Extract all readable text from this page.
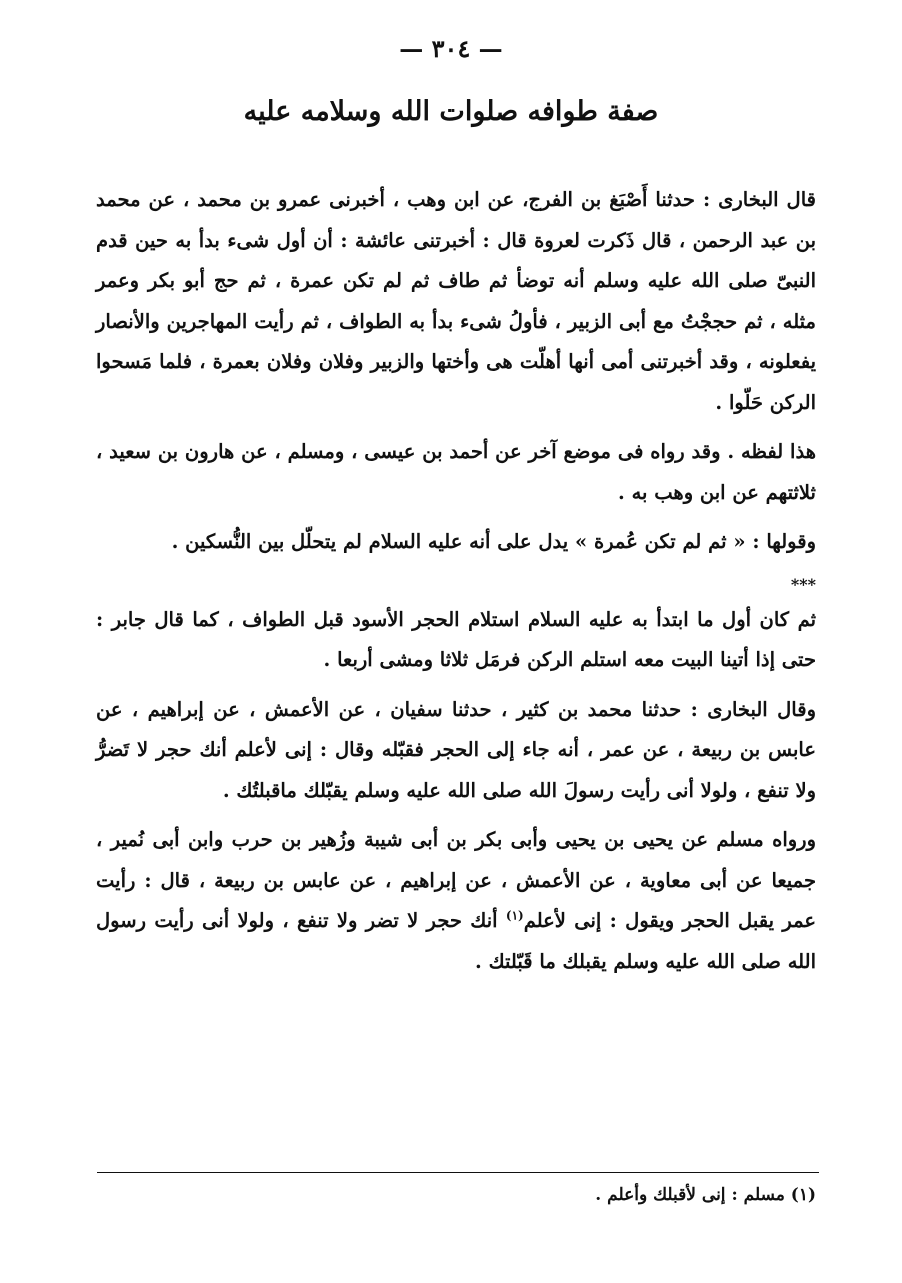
— ٣٠٤ —
صفة طوافه صلوات الله وسلامه عليه

قال البخارى : حدثنا أَصْبَغ بن الفرج، عن ابن وهب ، أخبرنى عمرو بن محمد ، عن محمد بن عبد الرحمن ، قال ذَكرت لعروة قال : أخبرتنى عائشة : أن أول شىء بدأ به حين قدم النبىّ صلى الله عليه وسلم أنه توضأ ثم طاف ثم لم تكن عمرة ، ثم حج أبو بكر وعمر مثله ، ثم حججْتُ مع أبى الزبير ، فأولُ شىء بدأ به الطواف ، ثم رأيت المهاجرين والأنصار يفعلونه ، وقد أخبرتنى أمى أنها أهلّت هى وأختها والزبير وفلان وفلان بعمرة ، فلما مَسحوا الركن حَلّوا .

هذا لفظه . وقد رواه فى موضع آخر عن أحمد بن عيسى ، ومسلم ، عن هارون بن سعيد ، ثلاثتهم عن ابن وهب به .

وقولها : « ثم لم تكن عُمرة » يدل على أنه عليه السلام لم يتحلّل بين النُّسكين .

***

ثم كان أول ما ابتدأ به عليه السلام استلام الحجر الأسود قبل الطواف ، كما قال جابر : حتى إذا أتينا البيت معه استلم الركن فرمَل ثلاثا ومشى أربعا .

وقال البخارى : حدثنا محمد بن كثير ، حدثنا سفيان ، عن الأعمش ، عن إبراهيم ، عن عابس بن ربيعة ، عن عمر ، أنه جاء إلى الحجر فقبّله وقال : إنى لأعلم أنك حجر لا تَضرُّ ولا تنفع ، ولولا أنى رأيت رسولَ الله صلى الله عليه وسلم يقبّلك ماقبلتُك .

ورواه مسلم عن يحيى بن يحيى وأبى بكر بن أبى شيبة وزُهير بن حرب وابن أبى نُمير ، جميعا عن أبى معاوية ، عن الأعمش ، عن إبراهيم ، عن عابس بن ربيعة ، قال : رأيت عمر يقبل الحجر ويقول : إنى لأعلم$^{(١)}$ أنك حجر لا تضر ولا تنفع ، ولولا أنى رأيت رسول الله صلى الله عليه وسلم يقبلك ما قَبّلتك .

(١) مسلم : إنى لأقبلك وأعلم .
